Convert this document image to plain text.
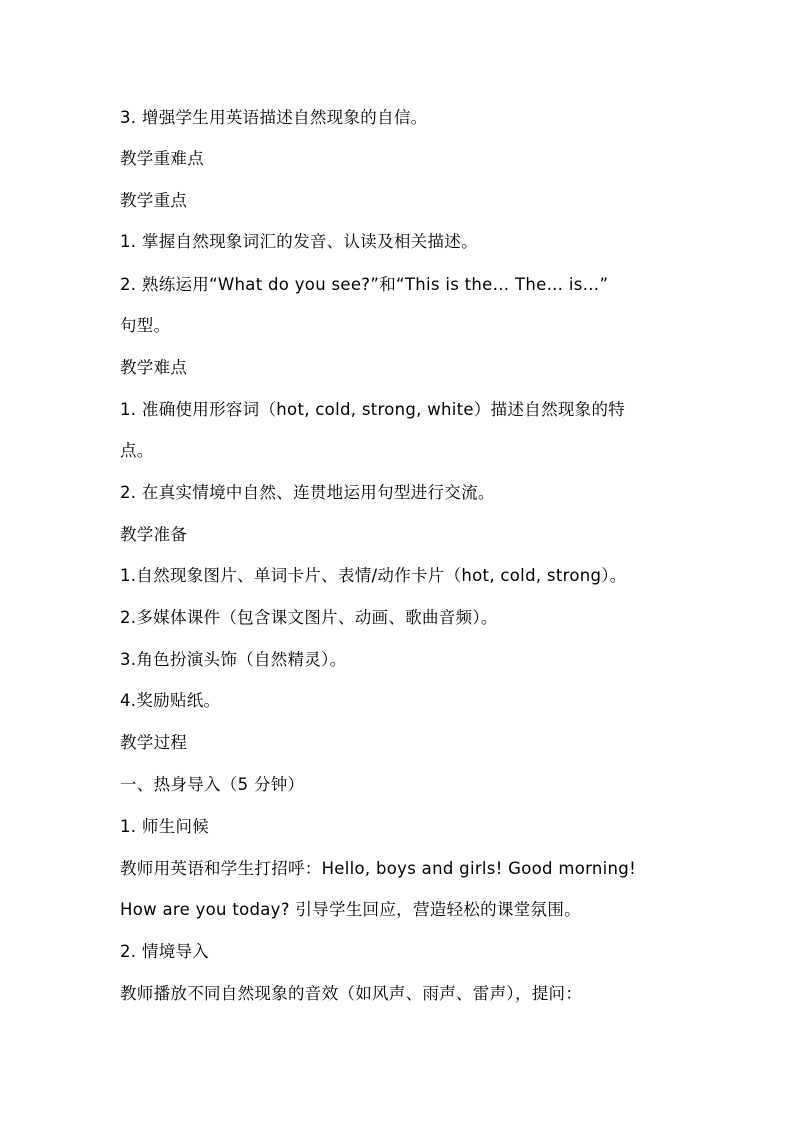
3. 增强学生用英语描述自然现象的自信。
教学重难点
教学重点
1. 掌握自然现象词汇的发音、认读及相关描述。
2. 熟练运用“What do you see?”和“This is the… The… is…”
句型。
教学难点
1. 准确使用形容词（hot, cold, strong, white）描述自然现象的特
点。
2. 在真实情境中自然、连贯地运用句型进行交流。
教学准备
1.自然现象图片、单词卡片、表情/动作卡片（hot, cold, strong）。
2.多媒体课件（包含课文图片、动画、歌曲音频）。
3.角色扮演头饰（自然精灵）。
4.奖励贴纸。
教学过程
一、热身导入（5 分钟）
1. 师生问候
教师用英语和学生打招呼：Hello, boys and girls! Good morning!
How are you today? 引导学生回应，营造轻松的课堂氛围。
2. 情境导入
教师播放不同自然现象的音效（如风声、雨声、雷声），提问：
